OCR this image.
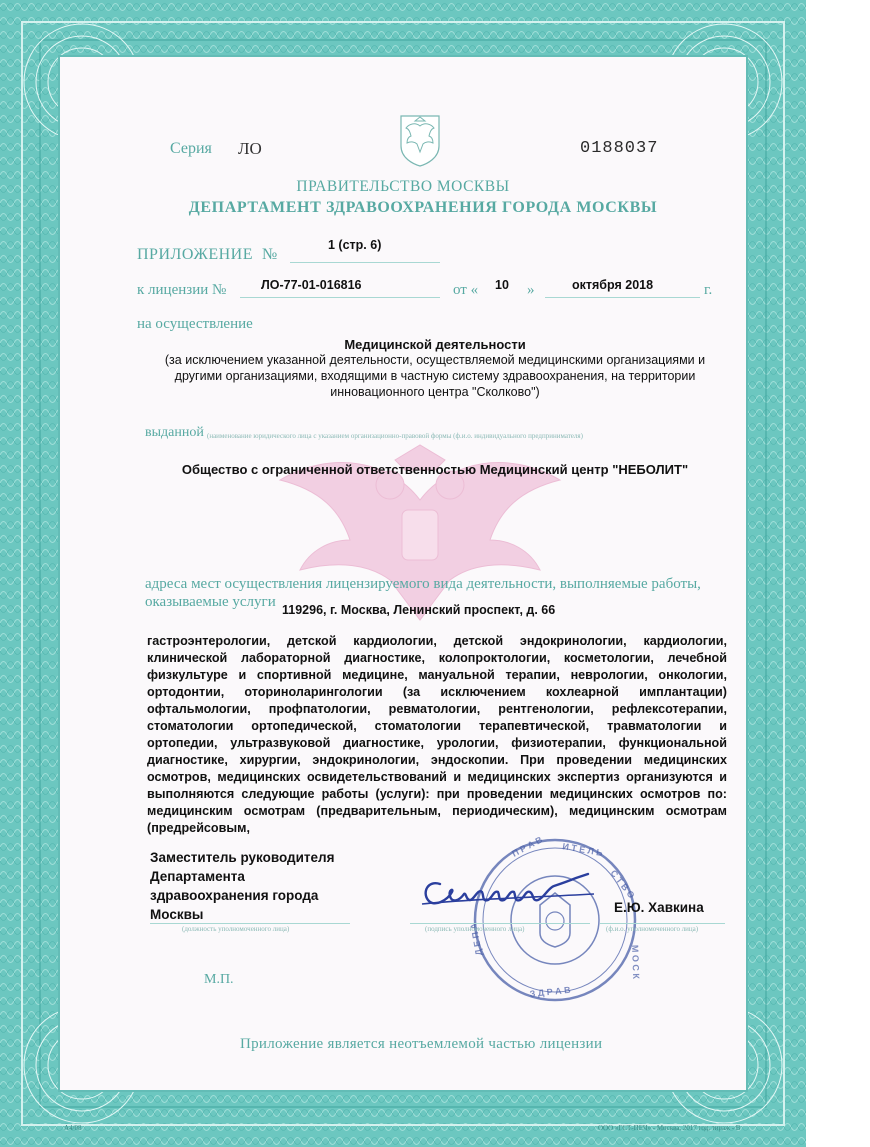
Серия ЛО	0188037
ПРАВИТЕЛЬСТВО МОСКВЫ
ДЕПАРТАМЕНТ ЗДРАВООХРАНЕНИЯ ГОРОДА МОСКВЫ
ПРИЛОЖЕНИЕ №
1 (стр. 6)
к лицензии №	ЛО-77-01-016816	от « 10 »	октября 2018	г.
на осуществление
Медицинской деятельности
(за исключением указанной деятельности, осуществляемой медицинскими организациями и другими организациями, входящими в частную систему здравоохранения, на территории инновационного центра "Сколково")
выданной (наименование юридического лица с указанием организационно-правовой формы (ф.и.о. индивидуального предпринимателя)
Общество с ограниченной ответственностью Медицинский центр "НЕБОЛИТ"
адреса мест осуществления лицензируемого вида деятельности, выполняемые работы,
оказываемые услуги 119296, г. Москва, Ленинский проспект, д. 66
гастроэнтерологии, детской кардиологии, детской эндокринологии, кардиологии, клинической лабораторной диагностике, колопроктологии, косметологии, лечебной физкультуре и спортивной медицине, мануальной терапии, неврологии, онкологии, ортодонтии, оториноларингологии (за исключением кохлеарной имплантации) офтальмологии, профпатологии, ревматологии, рентгенологии, рефлексотерапии, стоматологии ортопедической, стоматологии терапевтической, травматологии и ортопедии, ультразвуковой диагностике, урологии, физиотерапии, функциональной диагностике, хирургии, эндокринологии, эндоскопии. При проведении медицинских осмотров, медицинских освидетельствований и медицинских экспертиз организуются и выполняются следующие работы (услуги): при проведении медицинских осмотров по: медицинским осмотрам (предварительным, периодическим), медицинским осмотрам (предрейсовым,
Заместитель руководителя
Департамента
здравоохранения города
Москвы
(должность уполномоченного лица)
П Р А В И Т Е Л Ь
С Т В О
Д Е П А
М О С К
З Д Р А В
(подпись уполномоченного лица)
Е.Ю. Хавкина
(ф.и.о. уполномоченного лица)
М.П.
Приложение является неотъемлемой частью лицензии
А4/08	ООО «ГСТ-ПЕЧ» - Москва, 2017 год, тираж - В
